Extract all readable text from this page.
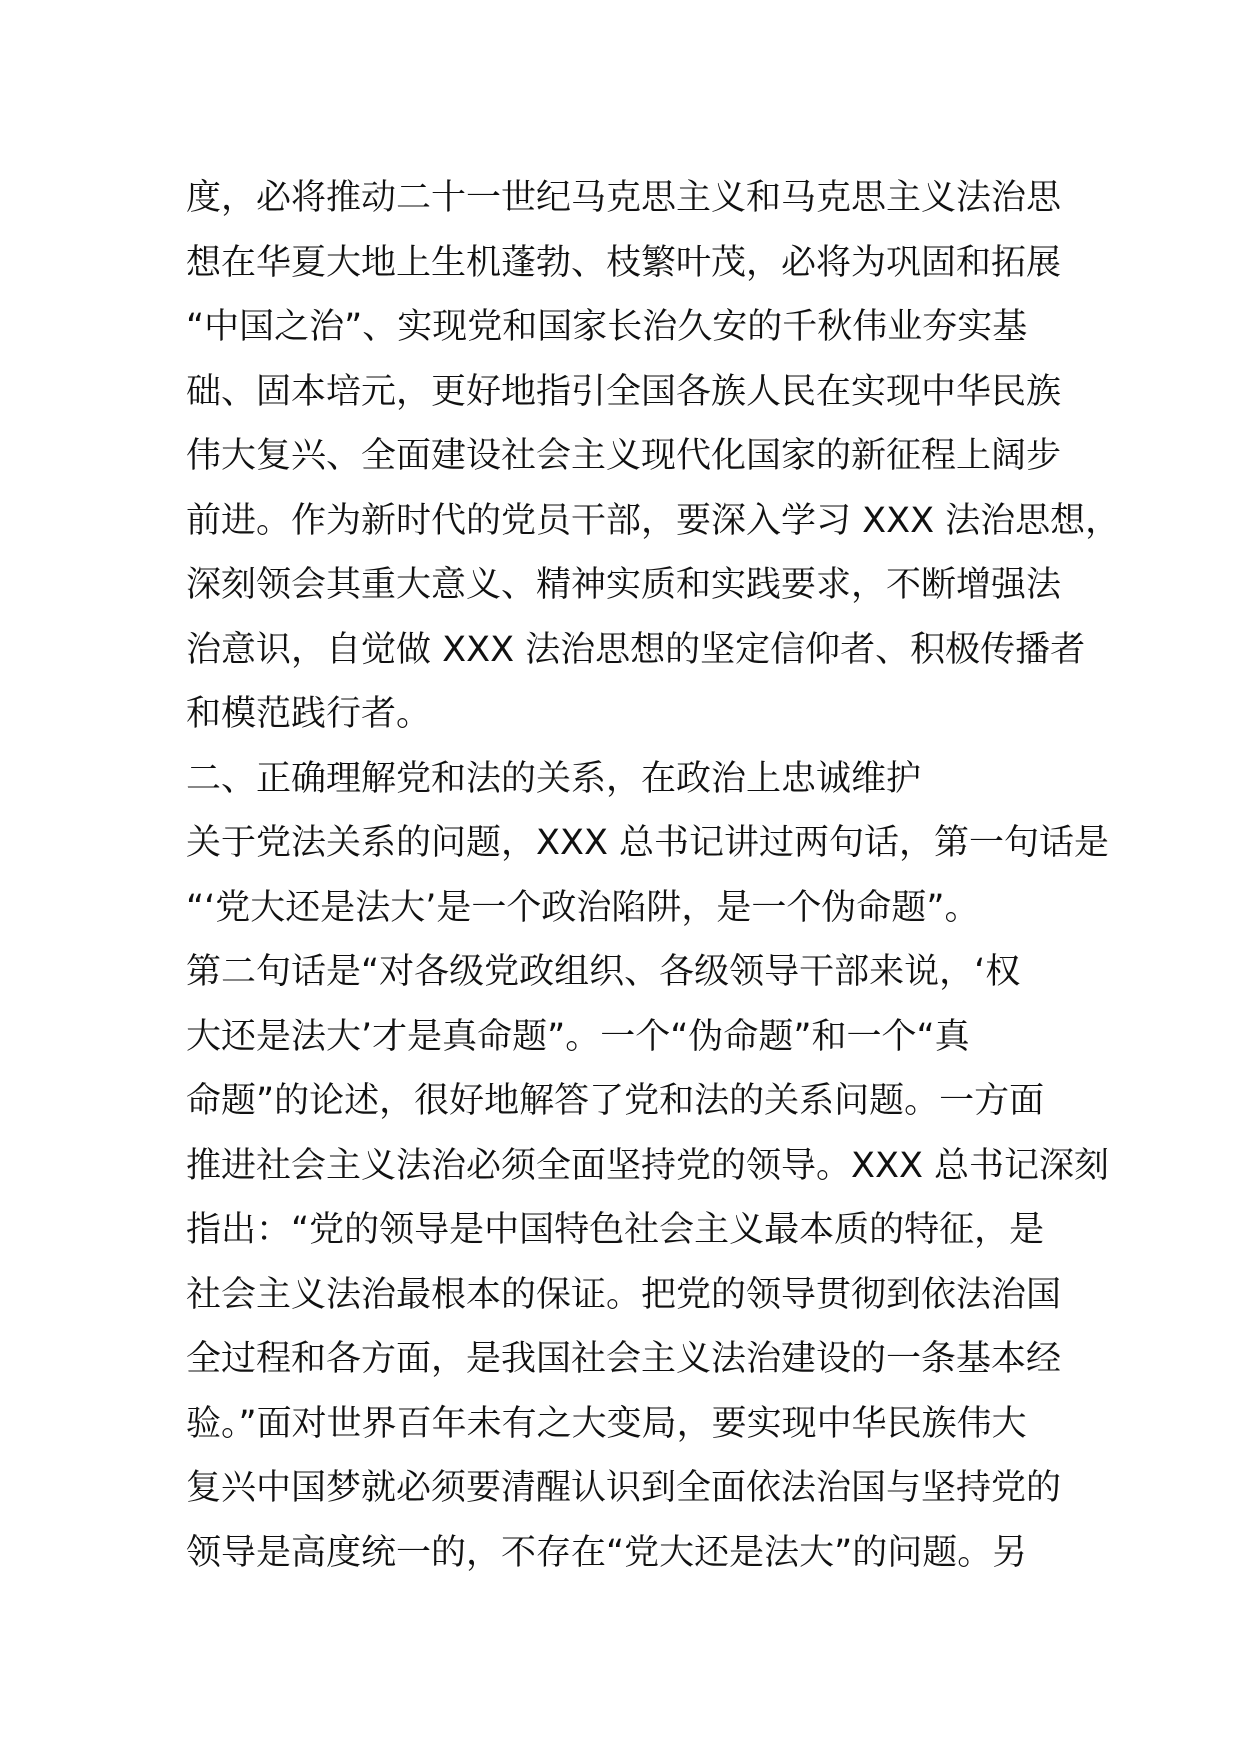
度，必将推动二十一世纪马克思主义和马克思主义法治思
想在华夏大地上生机蓬勃、枝繁叶茂，必将为巩固和拓展
“中国之治”、实现党和国家长治久安的千秋伟业夯实基
础、固本培元，更好地指引全国各族人民在实现中华民族
伟大复兴、全面建设社会主义现代化国家的新征程上阔步
前进。作为新时代的党员干部，要深入学习 XXX 法治思想，
深刻领会其重大意义、精神实质和实践要求，不断增强法
治意识，自觉做 XXX 法治思想的坚定信仰者、积极传播者
和模范践行者。
二、正确理解党和法的关系，在政治上忠诚维护
关于党法关系的问题，XXX 总书记讲过两句话，第一句话是
“‘党大还是法大’是一个政治陷阱，是一个伪命题”。
第二句话是“对各级党政组织、各级领导干部来说，‘权
大还是法大’才是真命题”。一个“伪命题”和一个“真
命题”的论述，很好地解答了党和法的关系问题。一方面
推进社会主义法治必须全面坚持党的领导。XXX 总书记深刻
指出：“党的领导是中国特色社会主义最本质的特征，是
社会主义法治最根本的保证。把党的领导贯彻到依法治国
全过程和各方面，是我国社会主义法治建设的一条基本经
验。”面对世界百年未有之大变局，要实现中华民族伟大
复兴中国梦就必须要清醒认识到全面依法治国与坚持党的
领导是高度统一的，不存在“党大还是法大”的问题。另
